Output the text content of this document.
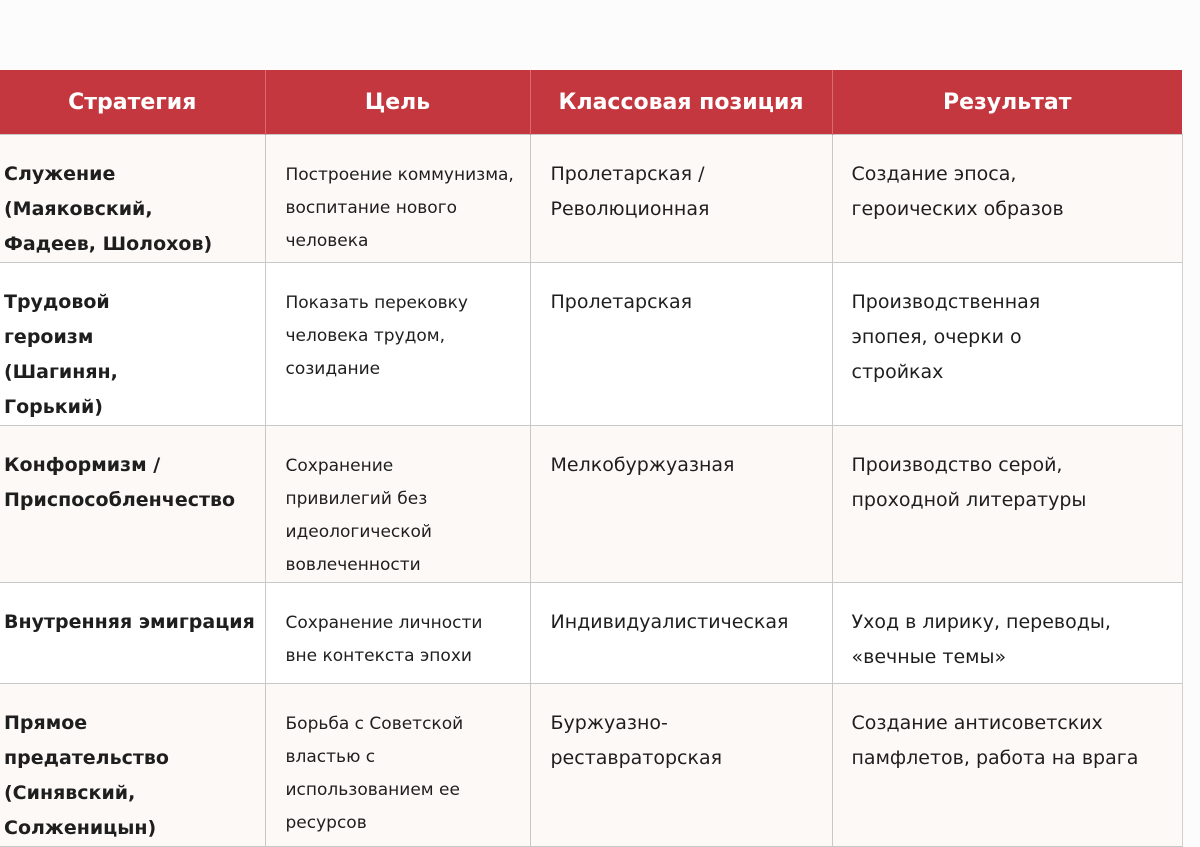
Стратегия	Цель	Классовая позиция	Результат

Служение (Маяковский, Фадеев, Шолохов)	Построение коммунизма, воспитание нового человека	Пролетарская / Революционная	Создание эпоса, героических образов

Трудовой героизм (Шагинян, Горький)	Показать перековку человека трудом, созидание	Пролетарская	Производственная эпопея, очерки о стройках

Конформизм / Приспособленчество	Сохранение привилегий без идеологической вовлеченности	Мелкобуржуазная	Производство серой, проходной литературы

Внутренняя эмиграция	Сохранение личности вне контекста эпохи	Индивидуалистическая	Уход в лирику, переводы, «вечные темы»

Прямое предательство (Синявский, Солженицын)	Борьба с Советской властью с использованием ее ресурсов	Буржуазно-реставраторская	Создание антисоветских памфлетов, работа на врага
